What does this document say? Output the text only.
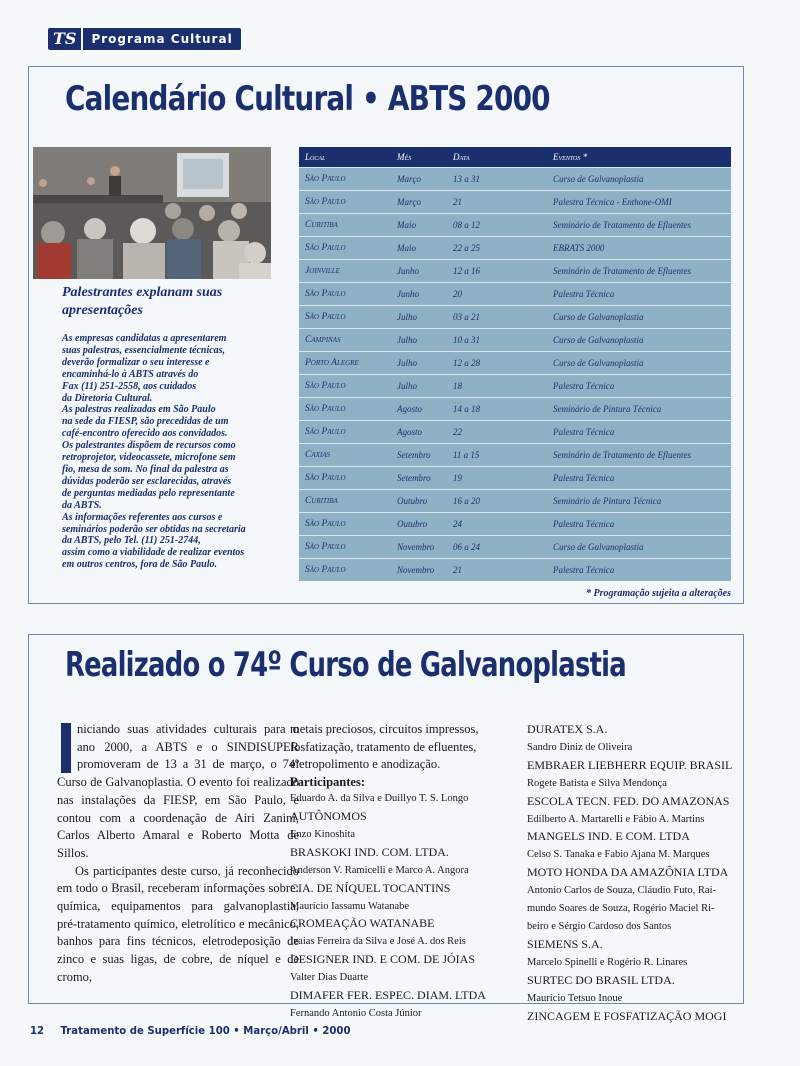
TS	Programa Cultural
Calendário Cultural • ABTS 2000
Palestrantes explanam suas apresentações
As empresas candidatas a apresentarem
suas palestras, essencialmente técnicas,
deverão formalizar o seu interesse e
encaminhá-lo à ABTS através do
Fax (11) 251-2558, aos cuidados
da Diretoria Cultural.
As palestras realizadas em São Paulo
na sede da FIESP, são precedidas de um
café-encontro oferecido aos convidados.
Os palestrantes dispõem de recursos como
retroprojetor, videocassete, microfone sem
fio, mesa de som. No final da palestra as
dúvidas poderão ser esclarecidas, através
de perguntas mediadas pelo representante
da ABTS.
As informações referentes aos cursos e
seminários poderão ser obtidas na secretaria
da ABTS, pelo Tel. (11) 251-2744,
assim como a viabilidade de realizar eventos
em outros centros, fora de São Paulo.
Local	Mês	Data	Eventos *
São Paulo	Março	13 a 31	Curso de Galvanoplastia
São Paulo	Março	21	Palestra Técnica - Enthone-OMI
Curitiba	Maio	08 a 12	Seminário de Tratamento de Efluentes
São Paulo	Maio	22 a 25	EBRATS 2000
Joinville	Junho	12 a 16	Seminário de Tratamento de Efluentes
São Paulo	Junho	20	Palestra Técnica
São Paulo	Julho	03 a 21	Curso de Galvanoplastia
Campinas	Julho	10 a 31	Curso de Galvanoplastia
Porto Alegre	Julho	12 a 28	Curso de Galvanoplastia
São Paulo	Julho	18	Palestra Técnica
São Paulo	Agosto	14 a 18	Seminário de Pintura Técnica
São Paulo	Agosto	22	Palestra Técnica
Caxias	Setembro	11 a 15	Seminário de Tratamento de Efluentes
São Paulo	Setembro	19	Palestra Técnica
Curitiba	Outubro	16 a 20	Seminário de Pintura Técnica
São Paulo	Outubro	24	Palestra Técnica
São Paulo	Novembro	06 a 24	Curso de Galvanoplastia
São Paulo	Novembro	21	Palestra Técnica
* Programação sujeita a alterações
Realizado o 74º Curso de Galvanoplastia

niciando suas atividades culturais para o ano 2000, a ABTS e o SINDISUPER promoveram de 13 a 31 de março, o 74º Curso de Galvanoplastia. O evento foi realizado nas instalações da FIESP, em São Paulo, e contou com a coordenação de Airi Zanini, Carlos Alberto Amaral e Roberto Motta de Sillos.

Os participantes deste curso, já reconhecido em todo o Brasil, receberam informações sobre: química, equipamentos para galvanoplastia, pré-tratamento químico, eletrolítico e mecânico, banhos para fins técnicos, eletrodeposição de zinco e suas ligas, de cobre, de níquel e de cromo,

metais preciosos, circuitos impressos,
fosfatização, tratamento de efluentes,
eletropolimento e anodização.
Participantes:
Eduardo A. da Silva e Duillyo T. S. Longo
AUTÔNOMOS
Enzo Kinoshita
BRASKOKI IND. COM. LTDA.
Anderson V. Ramicelli e Marco A. Angora
CIA. DE NÍQUEL TOCANTINS
Maurício Iassamu Watanabe
CROMEAÇÃO WATANABE
Izaias Ferreira da Silva e José A. dos Reis
DESIGNER IND. E COM. DE JÓIAS
Valter Dias Duarte
DIMAFER FER. ESPEC. DIAM. LTDA
Fernando Antonio Costa Júnior
DURATEX S.A.
Sandro Diniz de Oliveira
EMBRAER LIEBHERR EQUIP. BRASIL
Rogete Batista e Silva Mendonça
ESCOLA TECN. FED. DO AMAZONAS
Edilberto A. Martarelli e Fábio A. Martins
MANGELS IND. E COM. LTDA
Celso S. Tanaka e Fabio Ajana M. Marques
MOTO HONDA DA AMAZÔNIA LTDA
Antonio Carlos de Souza, Cláudio Futo, Rai-
mundo Soares de Souza, Rogério Maciel Ri-
beiro e Sérgio Cardoso dos Santos
SIEMENS S.A.
Marcelo Spinelli e Rogério R. Linares
SURTEC DO BRASIL LTDA.
Maurício Tetsuo Inoue
ZINCAGEM E FOSFATIZAÇÃO MOGI
12 Tratamento de Superfície 100 • Março/Abril • 2000
